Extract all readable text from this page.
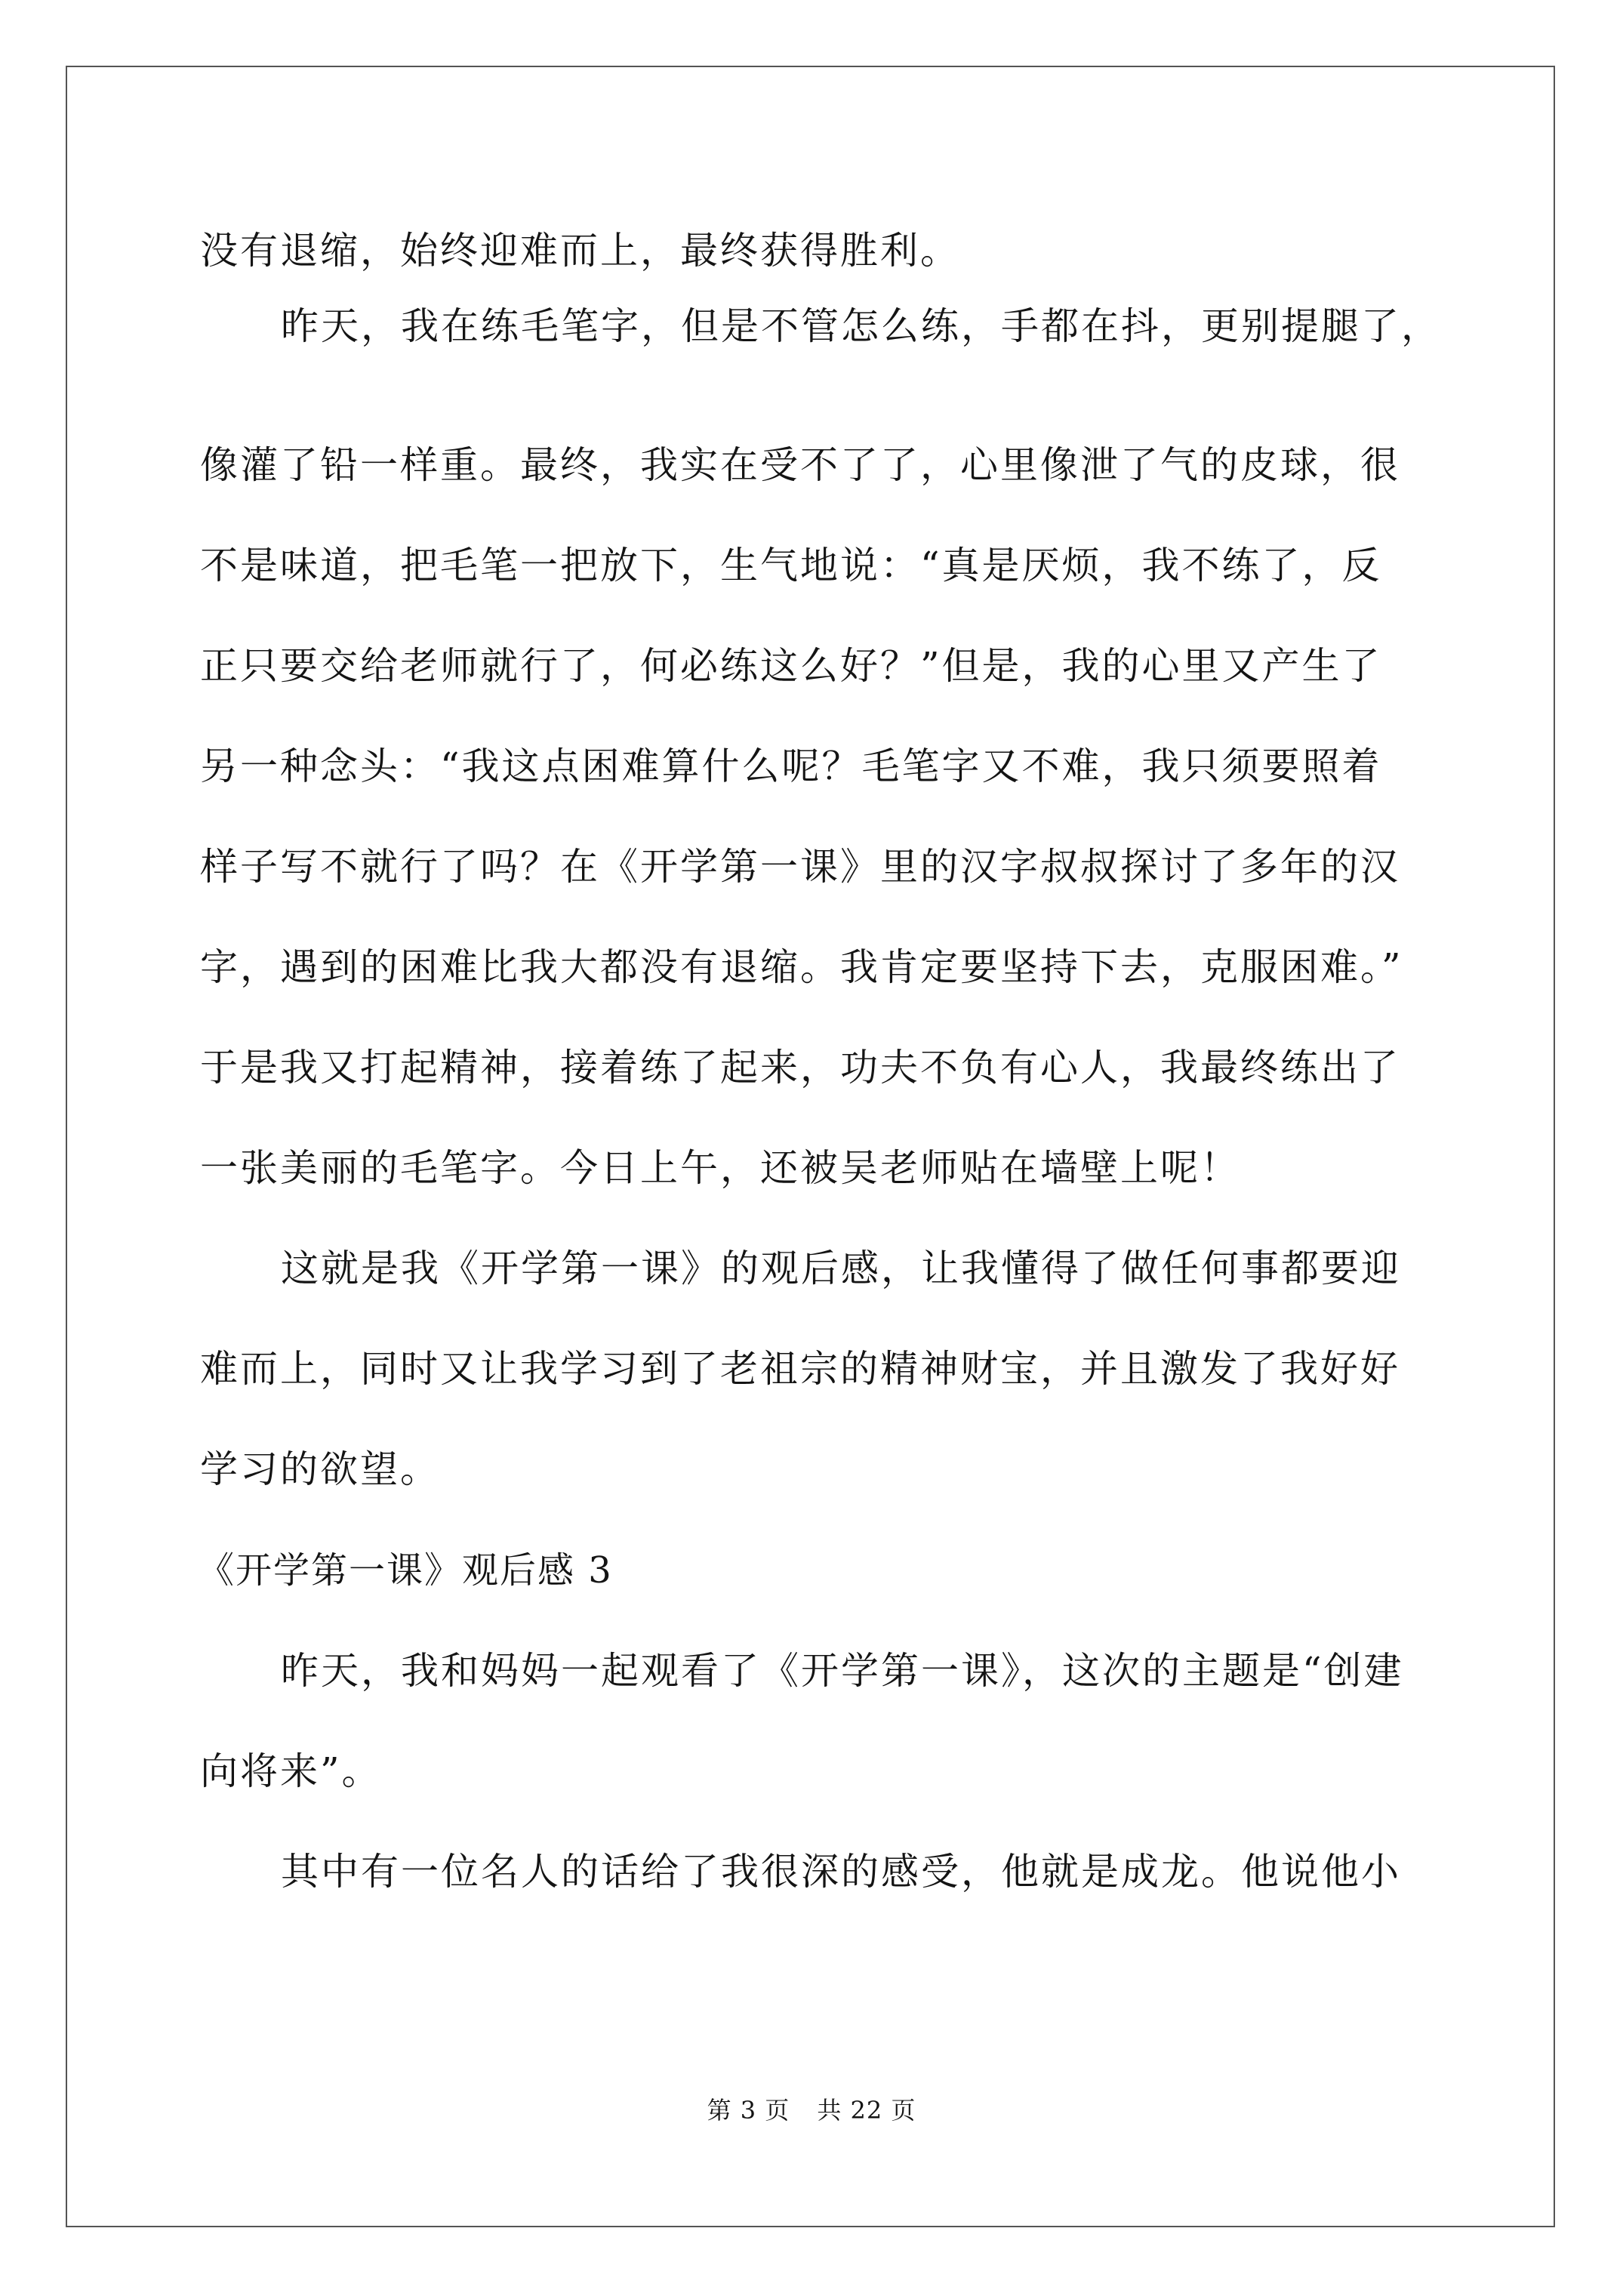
没有退缩，始终迎难而上，最终获得胜利。
昨天，我在练毛笔字，但是不管怎么练，手都在抖，更别提腿了，
像灌了铅一样重。最终，我实在受不了了，心里像泄了气的皮球，很
不是味道，把毛笔一把放下，生气地说：“真是厌烦，我不练了，反
正只要交给老师就行了，何必练这么好？”但是，我的心里又产生了
另一种念头：“我这点困难算什么呢？毛笔字又不难，我只须要照着
样子写不就行了吗？在《开学第一课》里的汉字叔叔探讨了多年的汉
字，遇到的困难比我大都没有退缩。我肯定要坚持下去，克服困难。”
于是我又打起精神，接着练了起来，功夫不负有心人，我最终练出了
一张美丽的毛笔字。今日上午，还被吴老师贴在墙壁上呢！
这就是我《开学第一课》的观后感，让我懂得了做任何事都要迎
难而上，同时又让我学习到了老祖宗的精神财宝，并且激发了我好好
学习的欲望。
《开学第一课》观后感 3
昨天，我和妈妈一起观看了《开学第一课》，这次的主题是“创建
向将来”。
其中有一位名人的话给了我很深的感受，他就是成龙。他说他小
第 3 页 共 22 页
